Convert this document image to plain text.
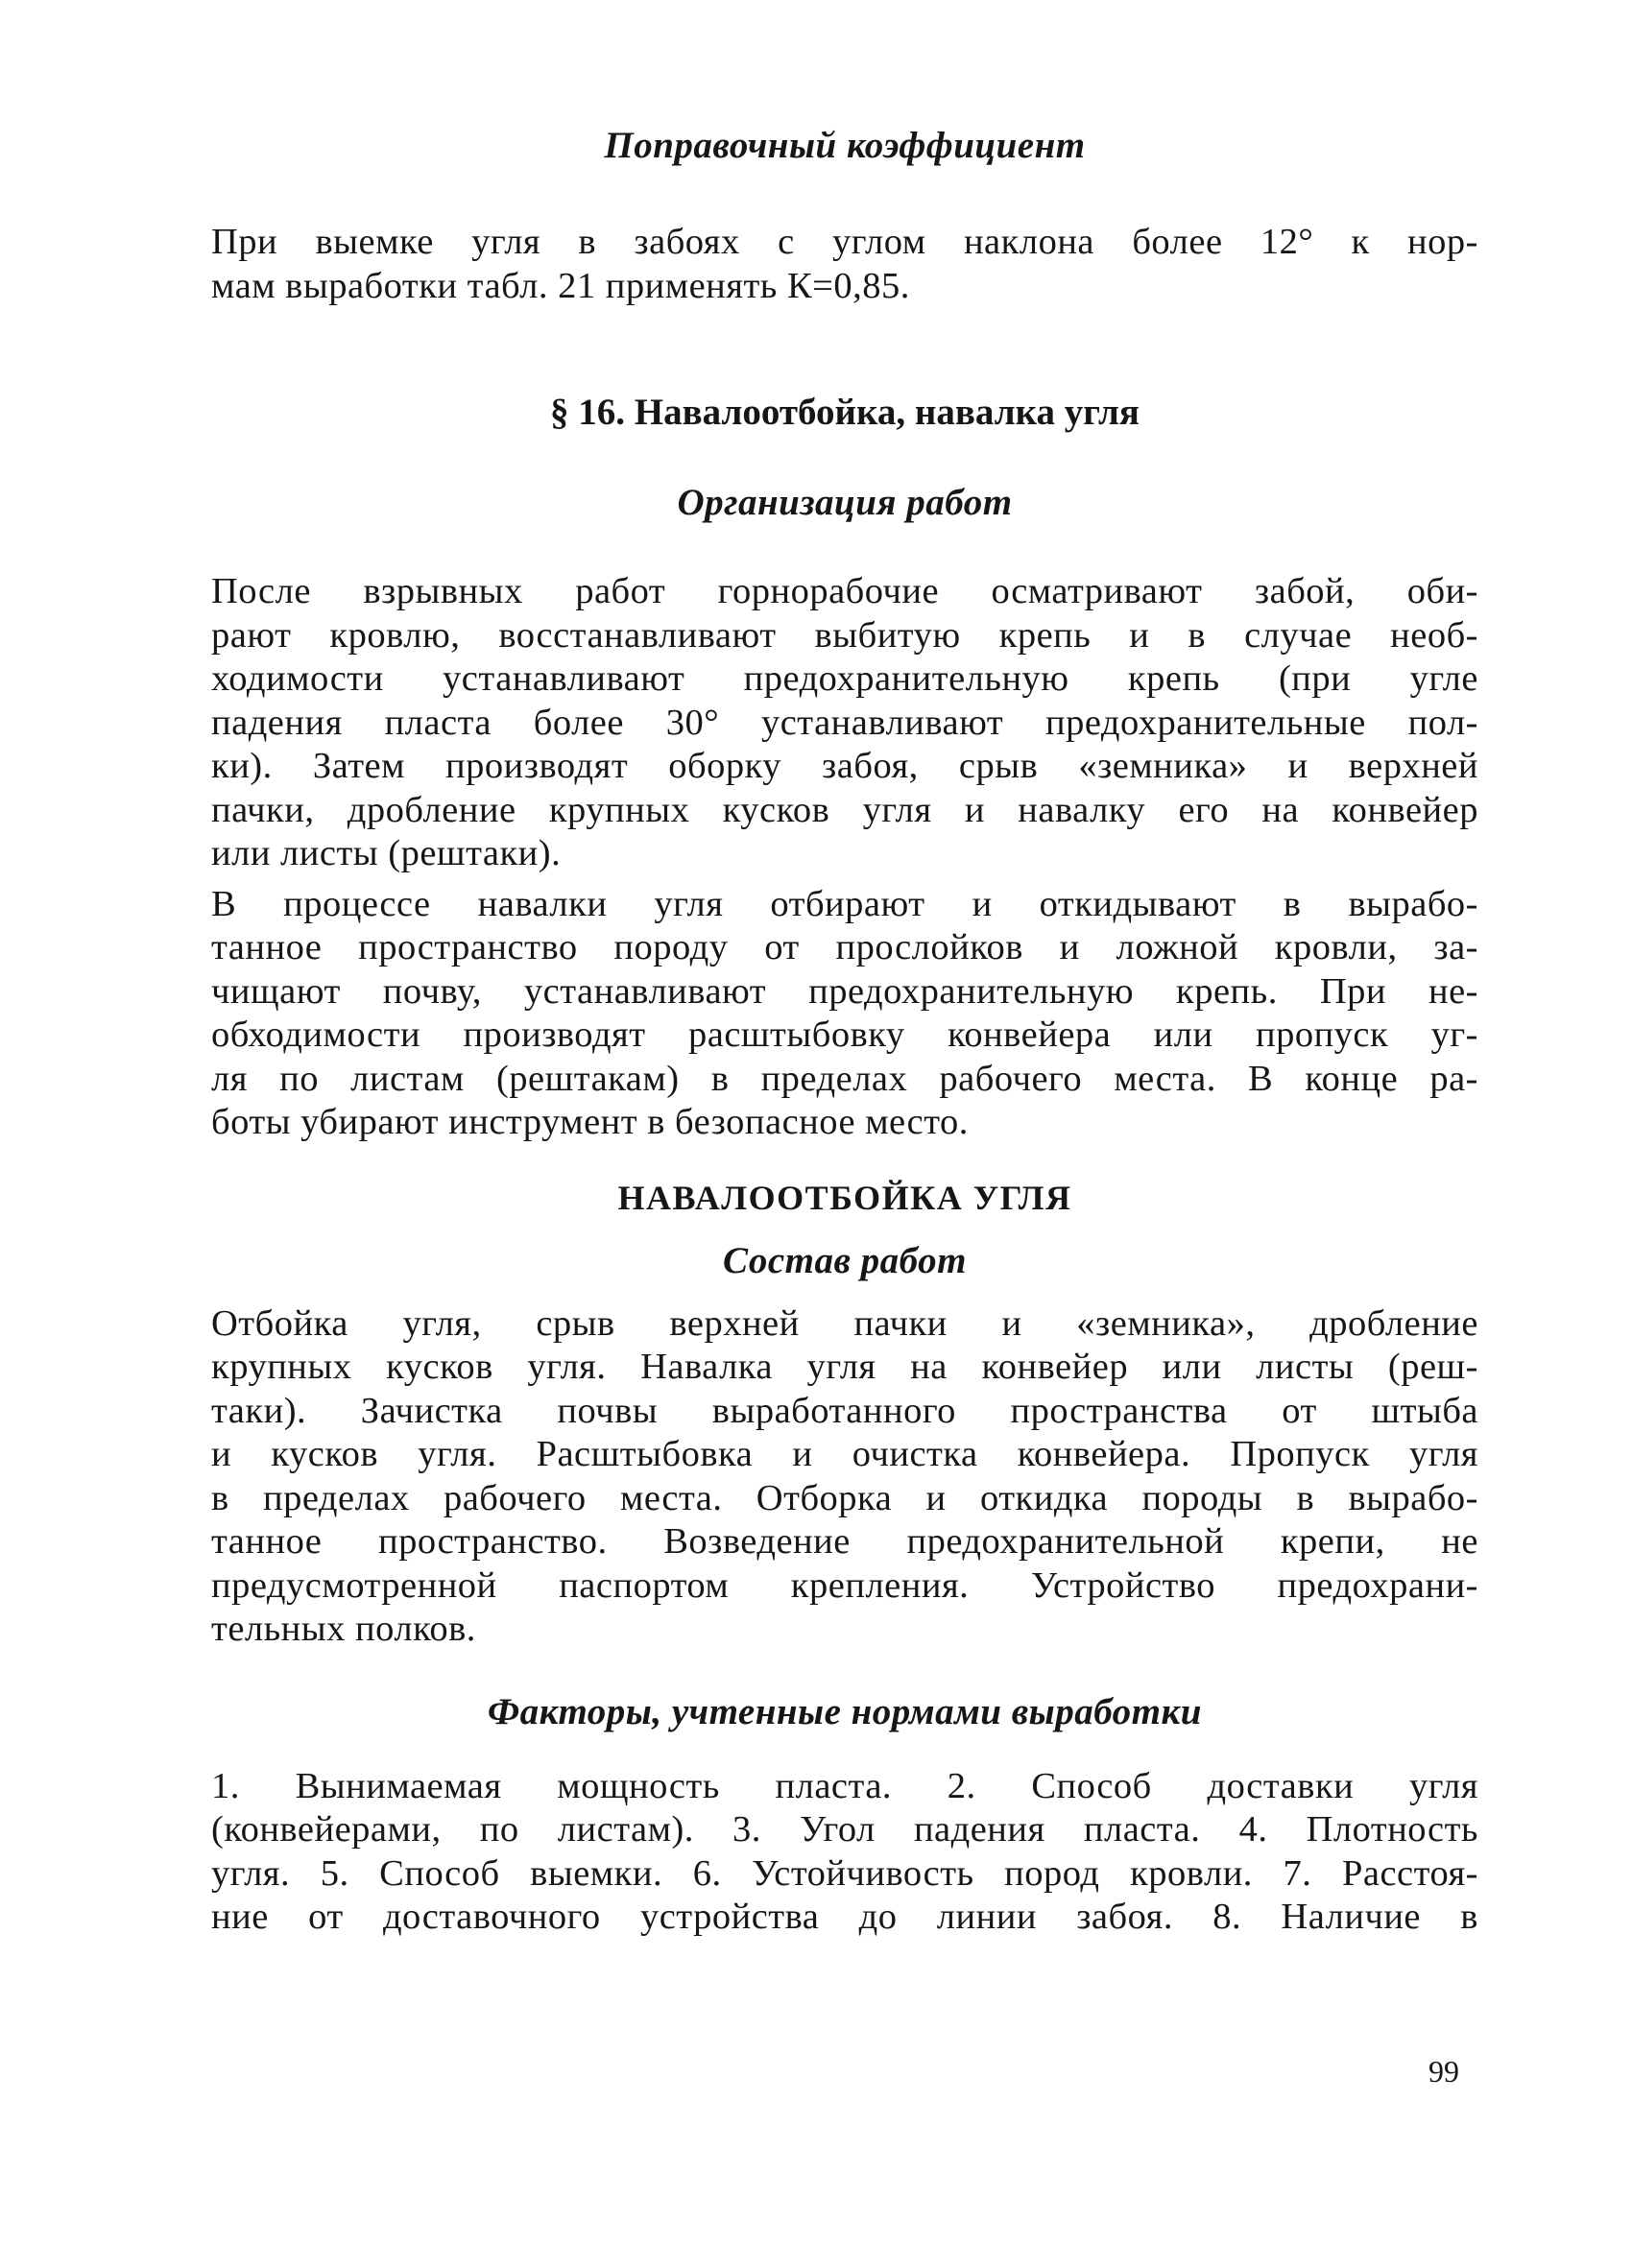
Поправочный коэффициент
При выемке угля в забоях с углом наклона более 12° к нор-
мам выработки табл. 21 применять К=0,85.
§ 16. Навалоотбойка, навалка угля
Организация работ
После взрывных работ горнорабочие осматривают забой, оби-
рают кровлю, восстанавливают выбитую крепь и в случае необ-
ходимости устанавливают предохранительную крепь (при угле
падения пласта более 30° устанавливают предохранительные пол-
ки). Затем производят оборку забоя, срыв «земника» и верхней
пачки, дробление крупных кусков угля и навалку его на конвейер
или листы (рештаки).
В процессе навалки угля отбирают и откидывают в вырабо-
танное пространство породу от прослойков и ложной кровли, за-
чищают почву, устанавливают предохранительную крепь. При не-
обходимости производят расштыбовку конвейера или пропуск уг-
ля по листам (рештакам) в пределах рабочего места. В конце ра-
боты убирают инструмент в безопасное место.
НАВАЛООТБОЙКА УГЛЯ
Состав работ
Отбойка угля, срыв верхней пачки и «земника», дробление
крупных кусков угля. Навалка угля на конвейер или листы (реш-
таки). Зачистка почвы выработанного пространства от штыба
и кусков угля. Расштыбовка и очистка конвейера. Пропуск угля
в пределах рабочего места. Отборка и откидка породы в вырабо-
танное пространство. Возведение предохранительной крепи, не
предусмотренной паспортом крепления. Устройство предохрани-
тельных полков.
Факторы, учтенные нормами выработки
1. Вынимаемая мощность пласта. 2. Способ доставки угля
(конвейерами, по листам). 3. Угол падения пласта. 4. Плотность
угля. 5. Способ выемки. 6. Устойчивость пород кровли. 7. Расстоя-
ние от доставочного устройства до линии забоя. 8. Наличие в
99
